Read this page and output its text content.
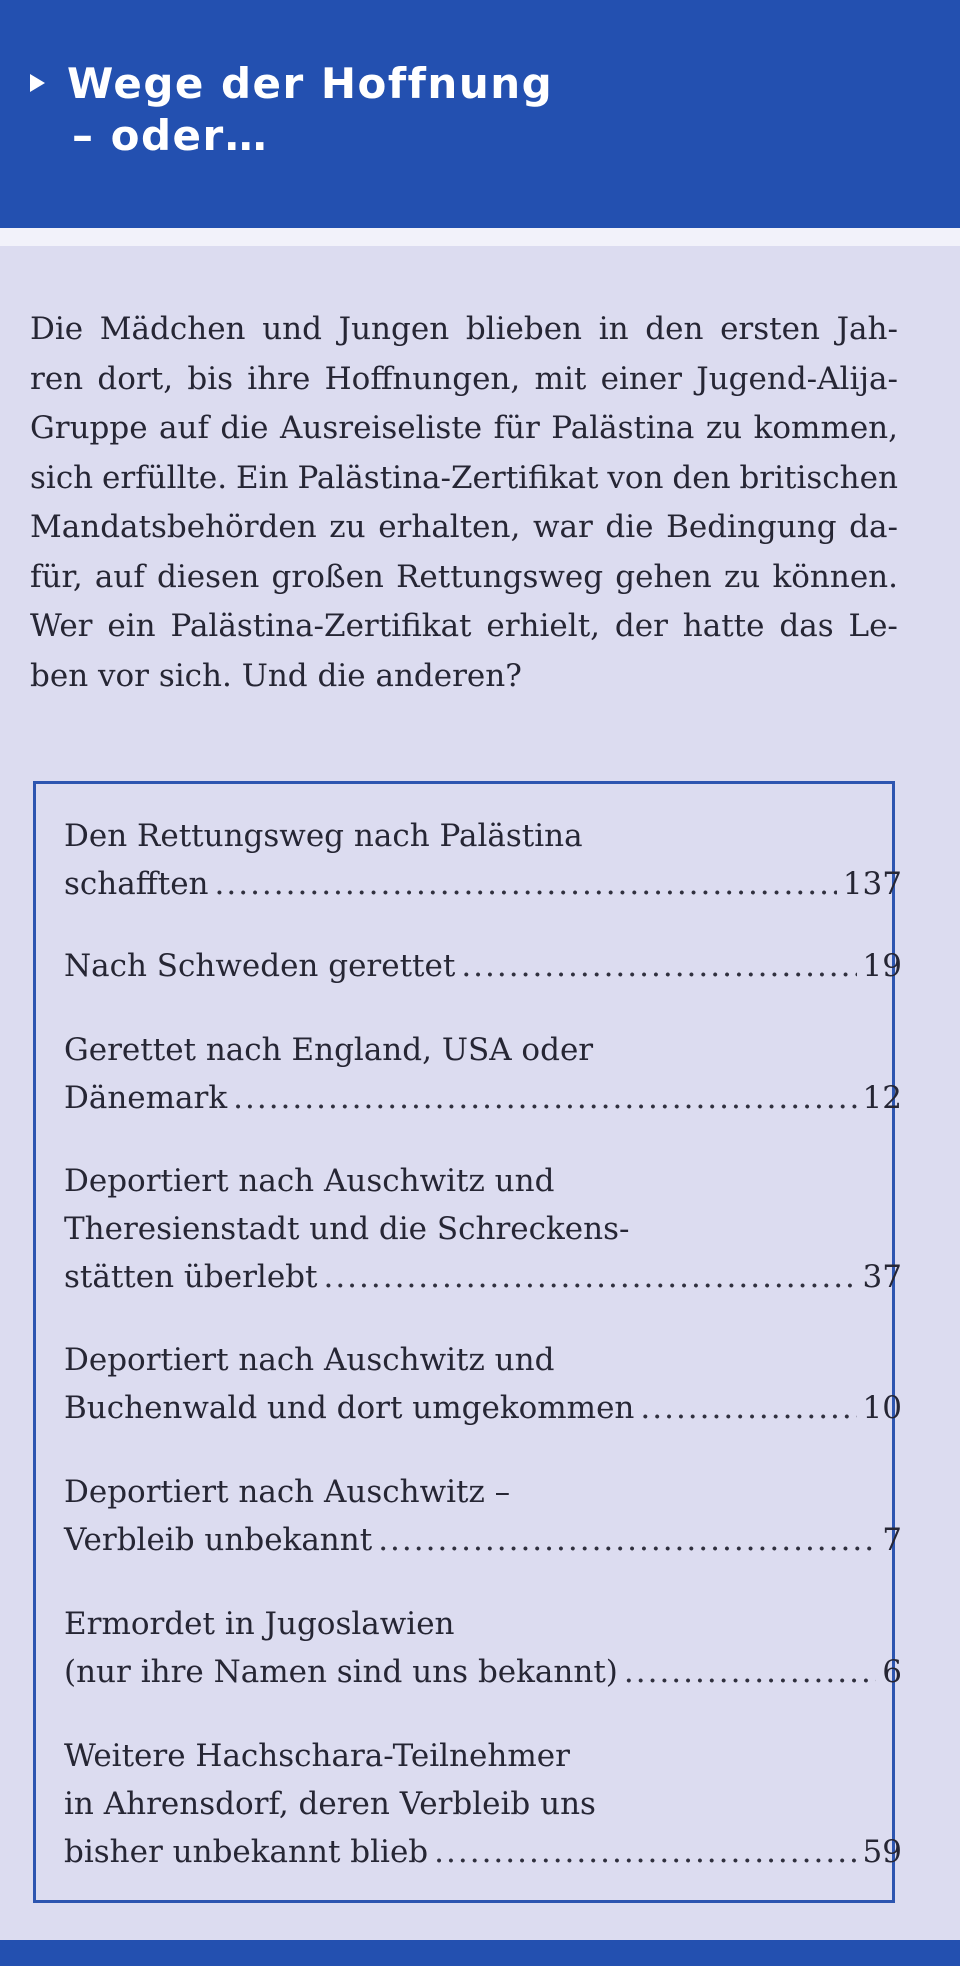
Wege der Hoffnung
– oder…
Die Mädchen und Jungen blieben in den ersten Jah-
ren dort, bis ihre Hoffnungen, mit einer Jugend-Alija-
Gruppe auf die Ausreiseliste für Palästina zu kommen,
sich erfüllte. Ein Palästina-Zertifikat von den britischen
Mandatsbehörden zu erhalten, war die Bedingung da-
für, auf diesen großen Rettungsweg gehen zu können.
Wer ein Palästina-Zertifikat erhielt, der hatte das Le-
ben vor sich. Und die anderen?

Den Rettungsweg nach Palästina
schafften .....	137

Nach Schweden gerettet .....	19

Gerettet nach England, USA oder
Dänemark .....	12

Deportiert nach Auschwitz und
Theresienstadt und die Schreckens-
stätten überlebt .....	37

Deportiert nach Auschwitz und
Buchenwald und dort umgekommen .....	10

Deportiert nach Auschwitz –
Verbleib unbekannt .....	7

Ermordet in Jugoslawien
(nur ihre Namen sind uns bekannt) .....	6

Weitere Hachschara-Teilnehmer
in Ahrensdorf, deren Verbleib uns
bisher unbekannt blieb .....	59
